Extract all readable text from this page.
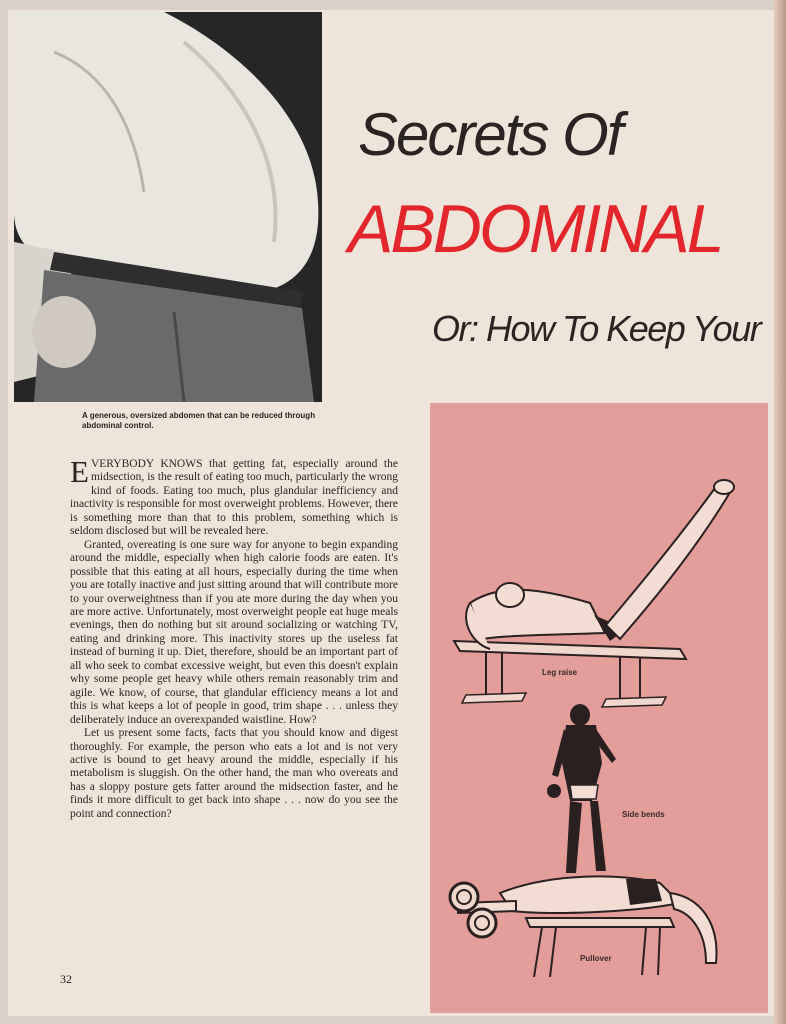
A generous, oversized abdomen that can be reduced through abdominal control.
Secrets Of
ABDOMINAL
Or: How To Keep Your

EVERYBODY KNOWS that getting fat, especially around the midsection, is the result of eating too much, particularly the wrong kind of foods. Eating too much, plus glandular inefficiency and inactivity is responsible for most overweight problems. However, there is something more than that to this problem, something which is seldom disclosed but will be revealed here.

Granted, overeating is one sure way for anyone to begin expanding around the middle, especially when high calorie foods are eaten. It's possible that this eating at all hours, especially during the time when you are totally inactive and just sitting around that will contribute more to your overweightness than if you ate more during the day when you are more active. Unfortunately, most overweight people eat huge meals evenings, then do nothing but sit around socializing or watching TV, eating and drinking more. This inactivity stores up the useless fat instead of burning it up. Diet, therefore, should be an important part of all who seek to combat excessive weight, but even this doesn't explain why some people get heavy while others remain reasonably trim and agile. We know, of course, that glandular efficiency means a lot and this is what keeps a lot of people in good, trim shape . . . unless they deliberately induce an overexpanded waistline. How?

Let us present some facts, facts that you should know and digest thoroughly. For example, the person who eats a lot and is not very active is bound to get heavy around the middle, especially if his metabolism is sluggish. On the other hand, the man who overeats and has a sloppy posture gets fatter around the midsection faster, and he finds it more difficult to get back into shape . . . now do you see the point and connection?

32
Leg raise
Side bends
Pullover
